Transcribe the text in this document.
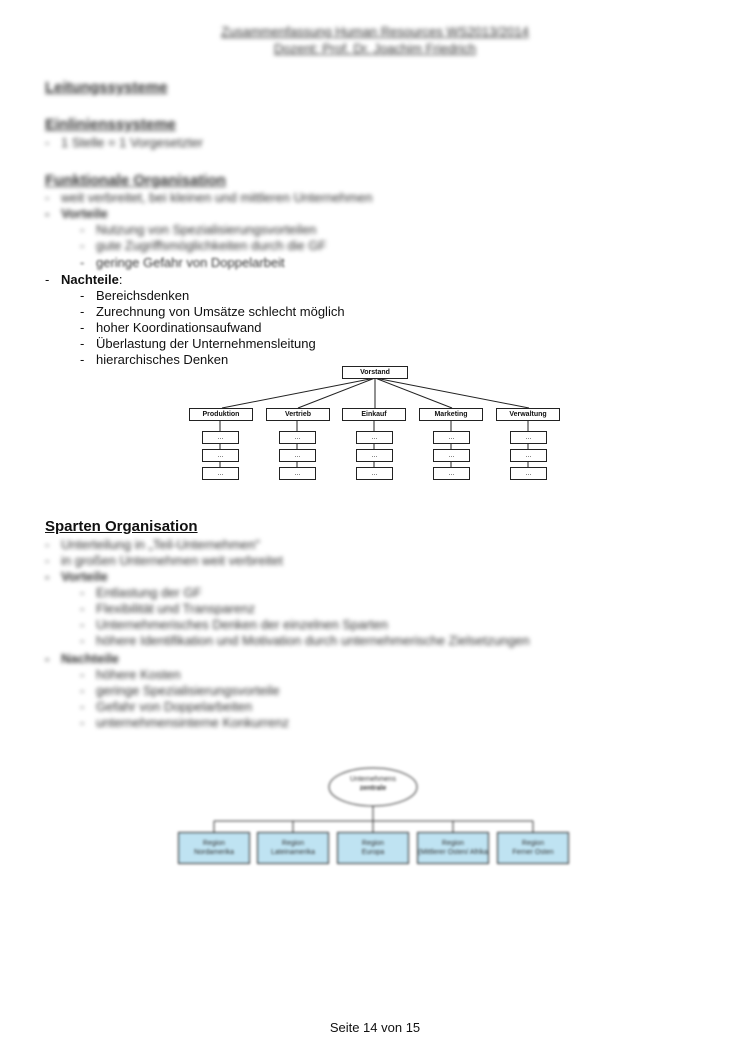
Zusammenfassung Human Resources WS2013/2014
Dozent: Prof. Dr. Joachim Friedrich
Leitungssysteme
Einlinienssysteme
- 1 Stelle = 1 Vorgesetzter
Funktionale Organisation
- weit verbreitet, bei kleinen und mittleren Unternehmen
- Vorteile
- Nutzung von Spezialisierungsvorteilen
- gute Zugriffsmöglichkeiten durch die GF
- geringe Gefahr von Doppelarbeit
- Nachteile:
- Bereichsdenken
- Zurechnung von Umsätze schlecht möglich
- hoher Koordinationsaufwand
- Überlastung der Unternehmensleitung
- hierarchisches Denken
Vorstand
Produktion	Vertrieb	Einkauf	Marketing	Verwaltung
...
...
...
...
...
...
...
...
...
...
...
...
...
...
...
Sparten Organisation
- Unterteilung in „Teil-Unternehmen"
- in großen Unternehmen weit verbreitet
- Vorteile
- Entlastung der GF
- Flexibilität und Transparenz
- Unternehmerisches Denken der einzelnen Sparten
- höhere Identifikation und Motivation durch unternehmerische Zielsetzungen
- Nachteile
- höhere Kosten
- geringe Spezialisierungsvorteile
- Gefahr von Doppelarbeiten
- unternehmensinterne Konkurrenz
Unternehmens
zentrale
Region
Nordamerika
Region
Lateinamerika
Region
Europa
Region
(Mittlerer Osten/ Afrika
Region
Ferner Osten
Seite 14 von 15
